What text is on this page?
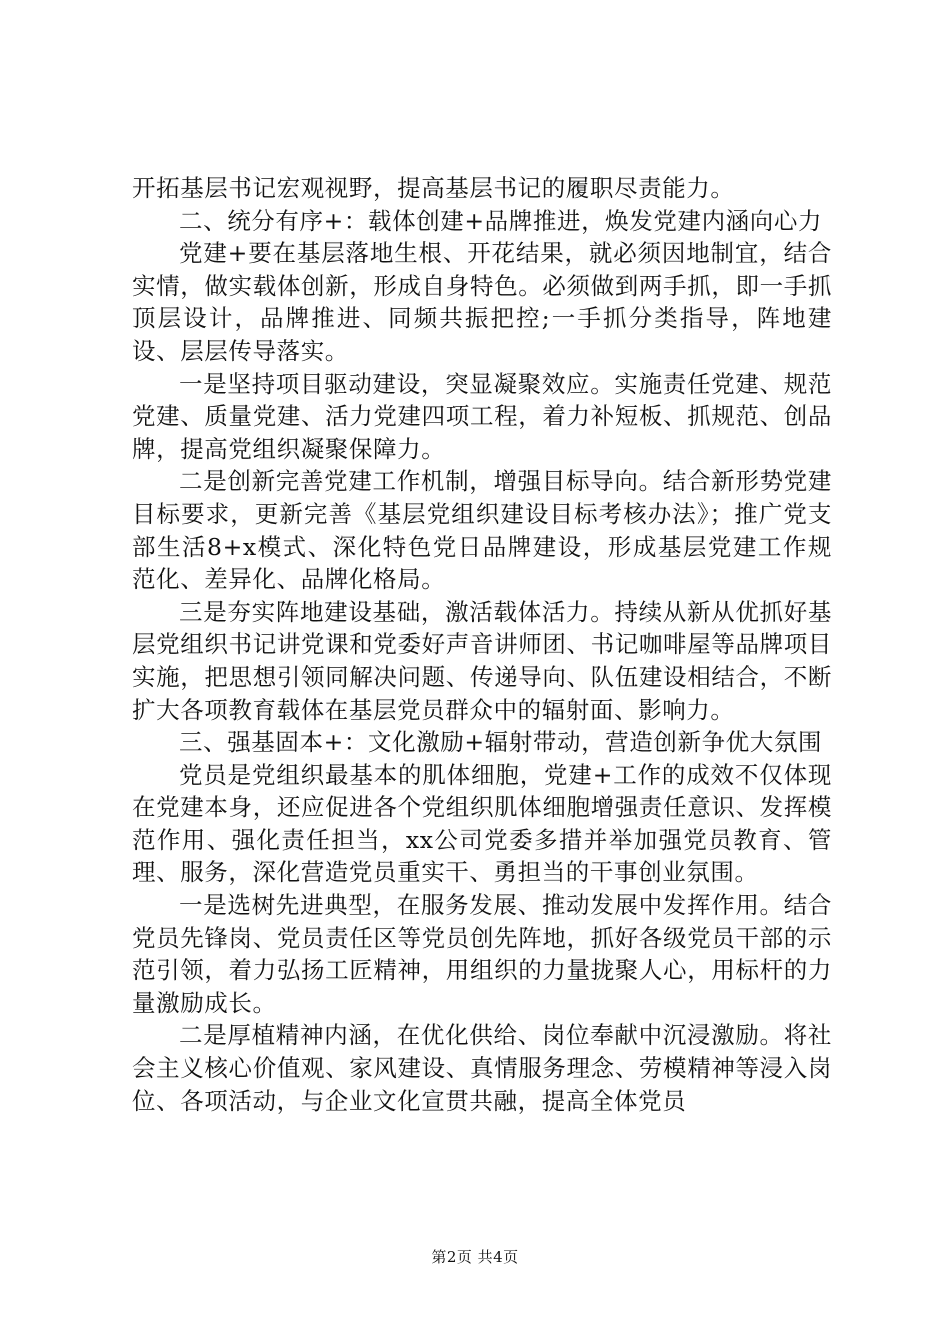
开拓基层书记宏观视野，提高基层书记的履职尽责能力。

二、统分有序+：载体创建+品牌推进，焕发党建内涵向心力

党建+要在基层落地生根、开花结果，就必须因地制宜，结合实情，做实载体创新，形成自身特色。必须做到两手抓，即一手抓顶层设计，品牌推进、同频共振把控;一手抓分类指导，阵地建设、层层传导落实。

一是坚持项目驱动建设，突显凝聚效应。实施责任党建、规范党建、质量党建、活力党建四项工程，着力补短板、抓规范、创品牌，提高党组织凝聚保障力。

二是创新完善党建工作机制，增强目标导向。结合新形势党建目标要求，更新完善《基层党组织建设目标考核办法》；推广党支部生活8+x模式、深化特色党日品牌建设，形成基层党建工作规范化、差异化、品牌化格局。

三是夯实阵地建设基础，激活载体活力。持续从新从优抓好基层党组织书记讲党课和党委好声音讲师团、书记咖啡屋等品牌项目实施，把思想引领同解决问题、传递导向、队伍建设相结合，不断扩大各项教育载体在基层党员群众中的辐射面、影响力。

三、强基固本+：文化激励+辐射带动，营造创新争优大氛围

党员是党组织最基本的肌体细胞，党建+工作的成效不仅体现在党建本身，还应促进各个党组织肌体细胞增强责任意识、发挥模范作用、强化责任担当，xx公司党委多措并举加强党员教育、管理、服务，深化营造党员重实干、勇担当的干事创业氛围。

一是选树先进典型，在服务发展、推动发展中发挥作用。结合党员先锋岗、党员责任区等党员创先阵地，抓好各级党员干部的示范引领，着力弘扬工匠精神，用组织的力量拢聚人心，用标杆的力量激励成长。

二是厚植精神内涵，在优化供给、岗位奉献中沉浸激励。将社会主义核心价值观、家风建设、真情服务理念、劳模精神等浸入岗位、各项活动，与企业文化宣贯共融，提高全体党员

第2页 共4页
